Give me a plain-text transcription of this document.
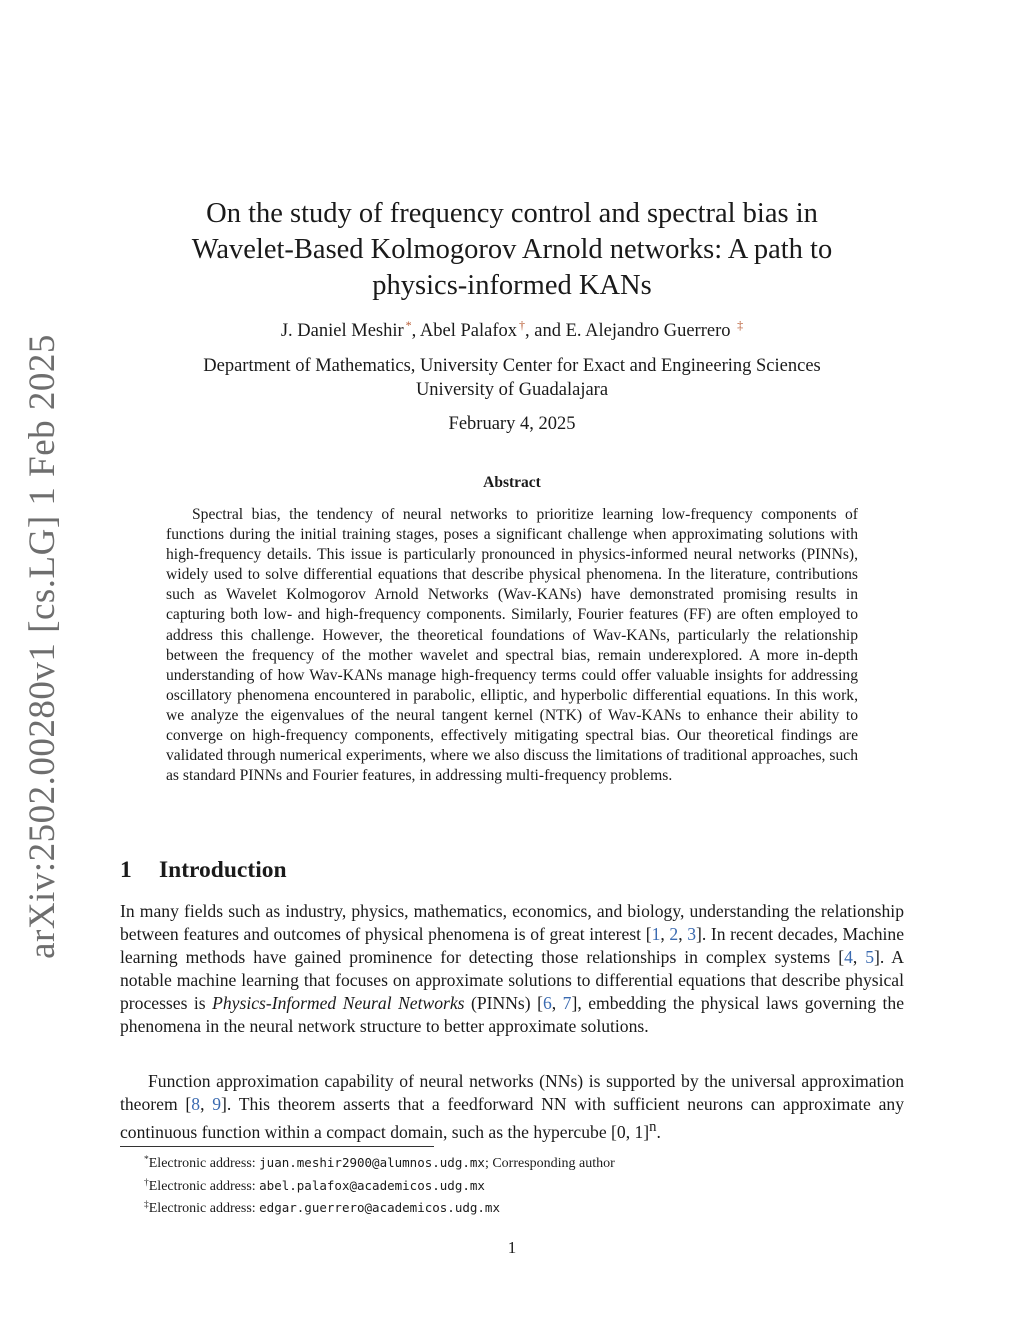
arXiv:2502.00280v1 [cs.LG] 1 Feb 2025
On the study of frequency control and spectral bias in
Wavelet-Based Kolmogorov Arnold networks: A path to
physics-informed KANs
J. Daniel Meshir *, Abel Palafox †, and E. Alejandro Guerrero ‡
Department of Mathematics, University Center for Exact and Engineering Sciences
University of Guadalajara
February 4, 2025
Abstract

Spectral bias, the tendency of neural networks to prioritize learning low-frequency components of functions during the initial training stages, poses a significant challenge when approximating solutions with high-frequency details. This issue is particularly pronounced in physics-informed neural networks (PINNs), widely used to solve differential equations that describe physical phenomena. In the literature, contributions such as Wavelet Kolmogorov Arnold Networks (Wav-KANs) have demonstrated promising results in capturing both low- and high-frequency components. Similarly, Fourier features (FF) are often employed to address this challenge. However, the theoretical foundations of Wav-KANs, particularly the relationship between the frequency of the mother wavelet and spectral bias, remain underexplored. A more in-depth understanding of how Wav-KANs manage high-frequency terms could offer valuable insights for addressing oscillatory phenomena encountered in parabolic, elliptic, and hyperbolic differential equations. In this work, we analyze the eigenvalues of the neural tangent kernel (NTK) of Wav-KANs to enhance their ability to converge on high-frequency components, effectively mitigating spectral bias. Our theoretical findings are validated through numerical experiments, where we also discuss the limitations of traditional approaches, such as standard PINNs and Fourier features, in addressing multi-frequency problems.

1 Introduction

In many fields such as industry, physics, mathematics, economics, and biology, understanding the relationship between features and outcomes of physical phenomena is of great interest [1, 2, 3]. In recent decades, Machine learning methods have gained prominence for detecting those relationships in complex systems [4, 5]. A notable machine learning that focuses on approximate solutions to differential equations that describe physical processes is Physics-Informed Neural Networks (PINNs) [6, 7], embedding the physical laws governing the phenomena in the neural network structure to better approximate solutions.

Function approximation capability of neural networks (NNs) is supported by the universal approximation theorem [8, 9]. This theorem asserts that a feedforward NN with sufficient neurons can approximate any continuous function within a compact domain, such as the hypercube [0, 1]$^n$.

*Electronic address: juan.meshir2900@alumnos.udg.mx; Corresponding author
†Electronic address: abel.palafox@academicos.udg.mx
‡Electronic address: edgar.guerrero@academicos.udg.mx
1
